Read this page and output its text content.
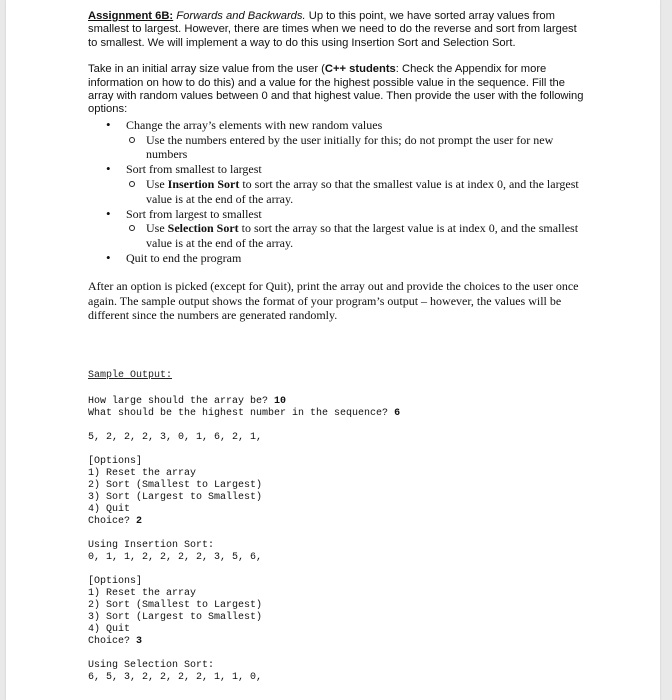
Assignment 6B: Forwards and Backwards. Up to this point, we have sorted array values from smallest to largest. However, there are times when we need to do the reverse and sort from largest to smallest. We will implement a way to do this using Insertion Sort and Selection Sort.

Take in an initial array size value from the user (C++ students: Check the Appendix for more information on how to do this) and a value for the highest possible value in the sequence. Fill the array with random values between 0 and that highest value. Then provide the user with the following options:

• Change the array’s elements with new random values
Use the numbers entered by the user initially for this; do not prompt the user for new numbers
• Sort from smallest to largest
Use Insertion Sort to sort the array so that the smallest value is at index 0, and the largest value is at the end of the array.
• Sort from largest to smallest
Use Selection Sort to sort the array so that the largest value is at index 0, and the smallest value is at the end of the array.
• Quit to end the program

After an option is picked (except for Quit), print the array out and provide the choices to the user once again. The sample output shows the format of your program’s output – however, the values will be different since the numbers are generated randomly.

Sample Output:
How large should the array be? 10
What should be the highest number in the sequence? 6
5, 2, 2, 2, 3, 0, 1, 6, 2, 1,
[Options]
1) Reset the array
2) Sort (Smallest to Largest)
3) Sort (Largest to Smallest)
4) Quit
Choice? 2
Using Insertion Sort:
0, 1, 1, 2, 2, 2, 2, 3, 5, 6,
[Options]
1) Reset the array
2) Sort (Smallest to Largest)
3) Sort (Largest to Smallest)
4) Quit
Choice? 3
Using Selection Sort:
6, 5, 3, 2, 2, 2, 2, 1, 1, 0,
